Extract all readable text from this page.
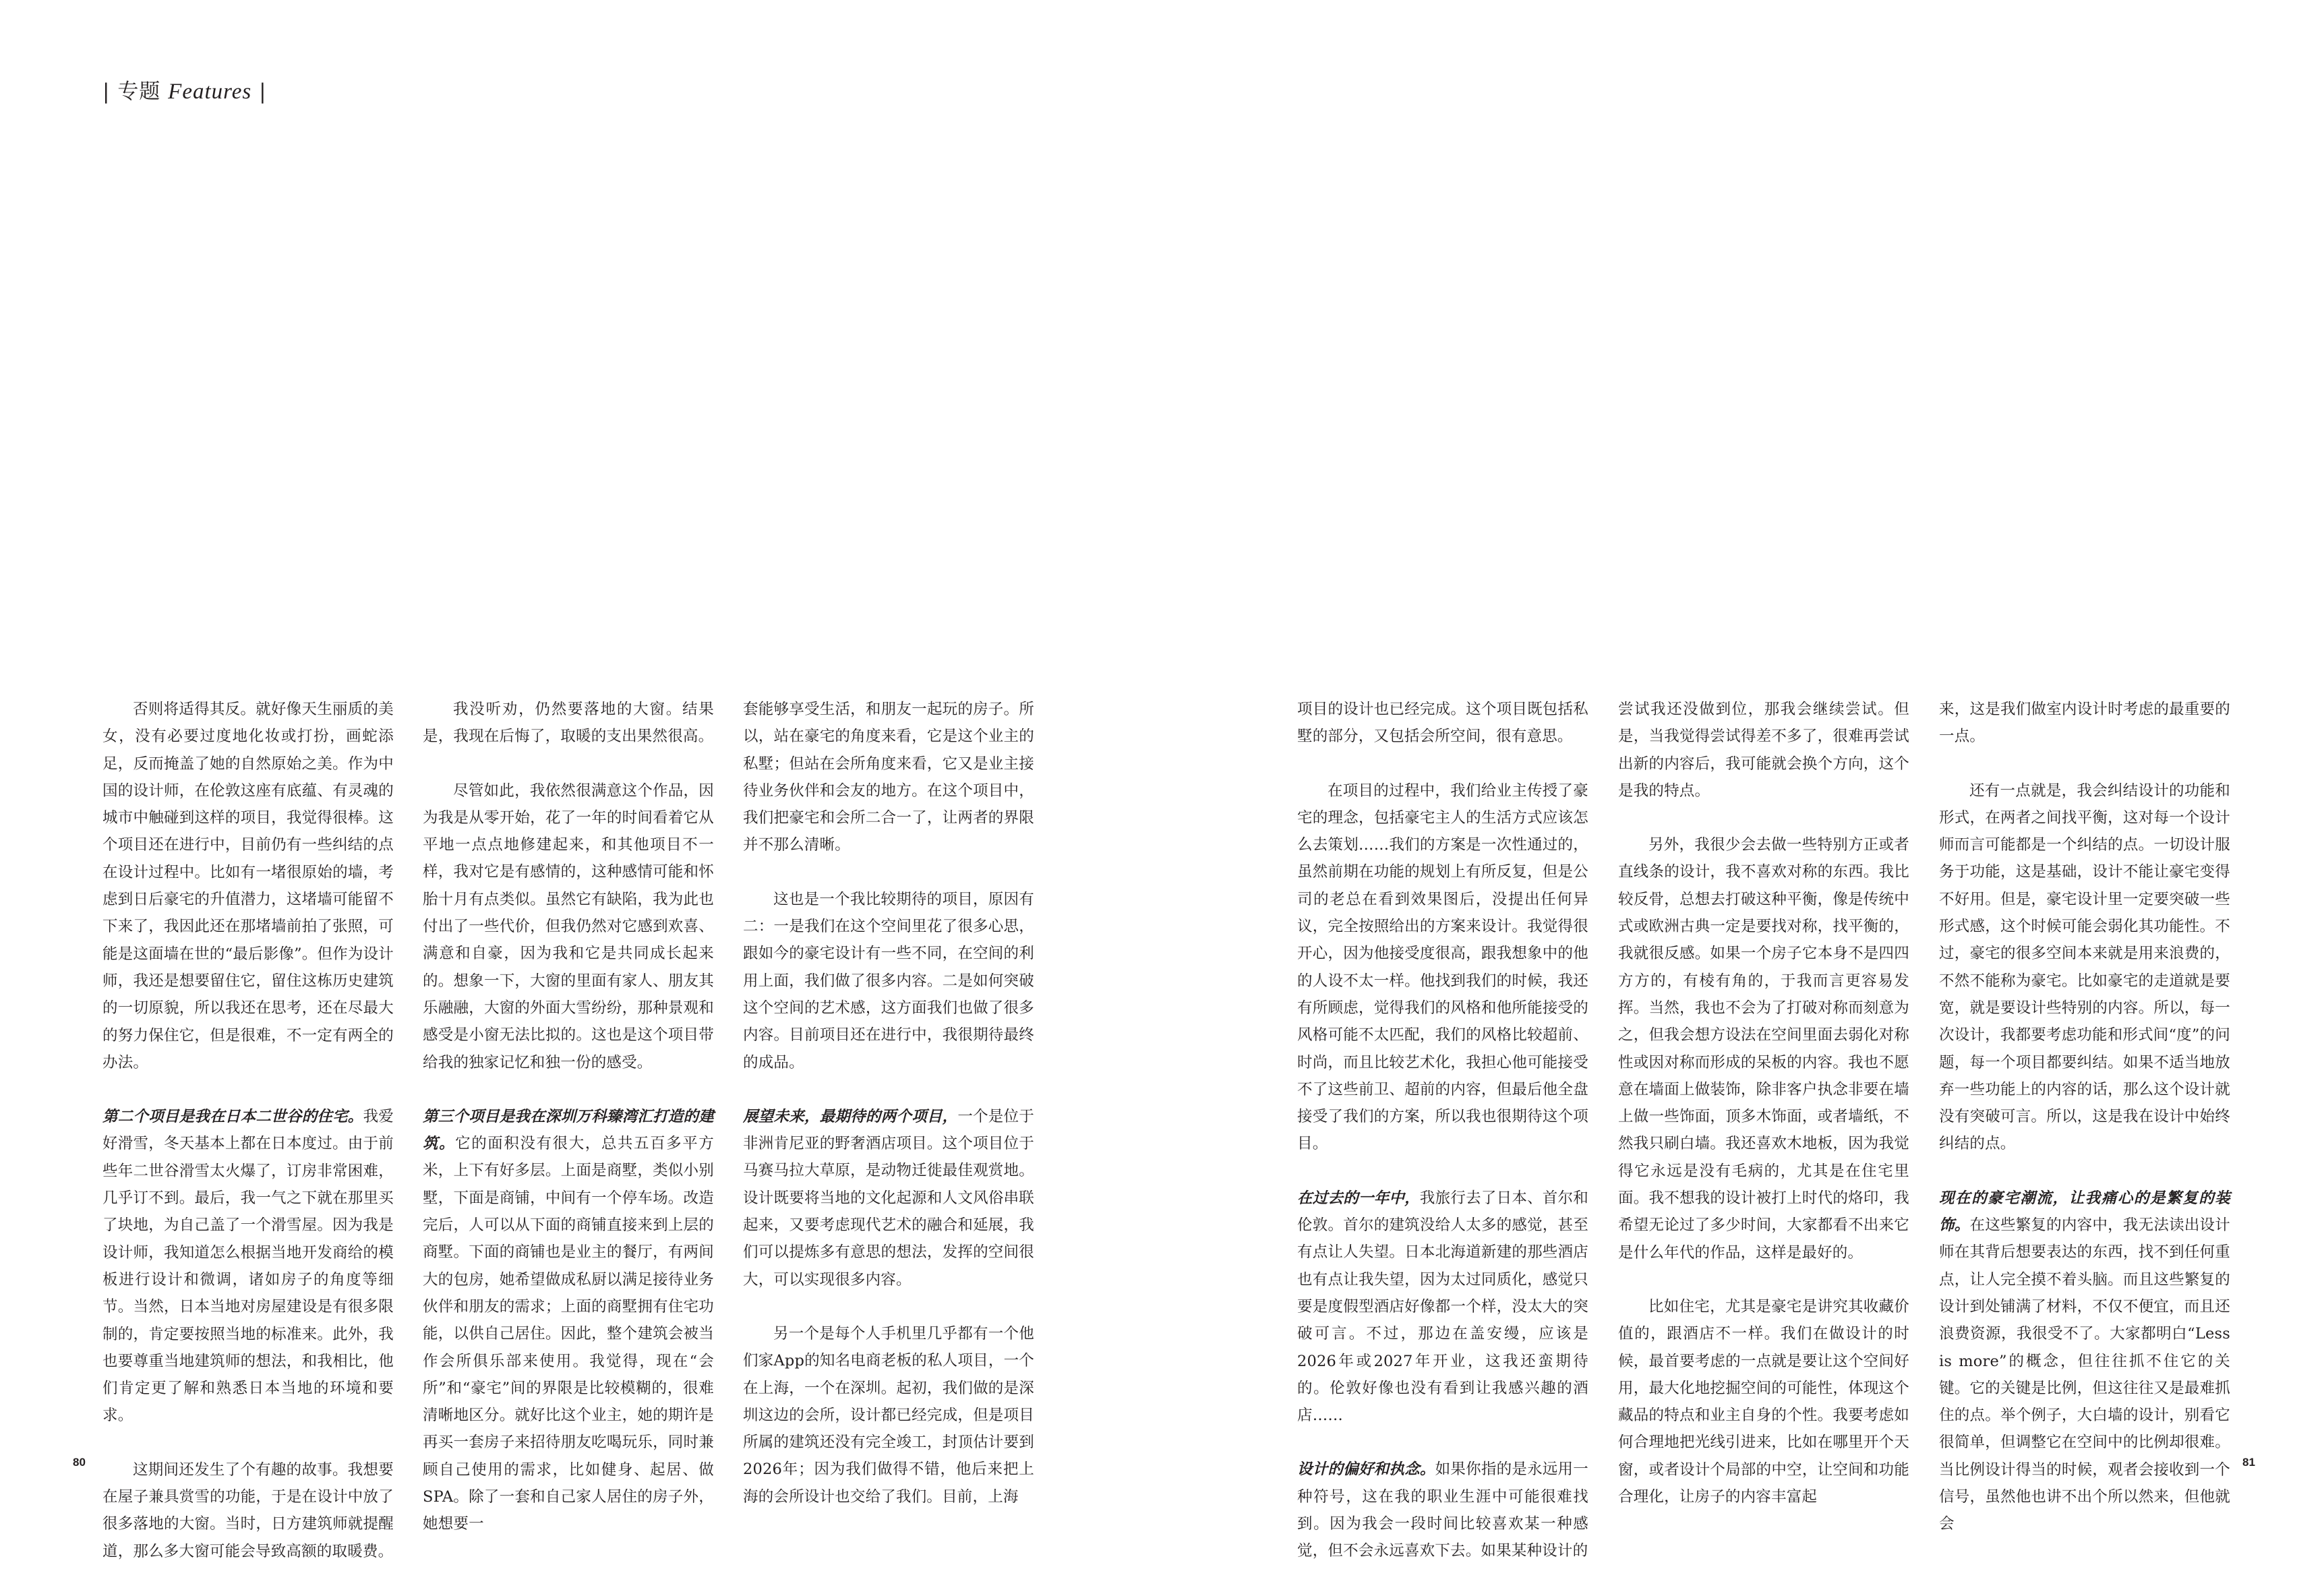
| 专题 Features |

否则将适得其反。就好像天生丽质的美女，没有必要过度地化妆或打扮，画蛇添足，反而掩盖了她的自然原始之美。作为中国的设计师，在伦敦这座有底蕴、有灵魂的城市中触碰到这样的项目，我觉得很棒。这个项目还在进行中，目前仍有一些纠结的点在设计过程中。比如有一堵很原始的墙，考虑到日后豪宅的升值潜力，这堵墙可能留不下来了，我因此还在那堵墙前拍了张照，可能是这面墙在世的“最后影像”。但作为设计师，我还是想要留住它，留住这栋历史建筑的一切原貌，所以我还在思考，还在尽最大的努力保住它，但是很难，不一定有两全的办法。

第二个项目是我在日本二世谷的住宅。我爱好滑雪，冬天基本上都在日本度过。由于前些年二世谷滑雪太火爆了，订房非常困难，几乎订不到。最后，我一气之下就在那里买了块地，为自己盖了一个滑雪屋。因为我是设计师，我知道怎么根据当地开发商给的模板进行设计和微调，诸如房子的角度等细节。当然，日本当地对房屋建设是有很多限制的，肯定要按照当地的标准来。此外，我也要尊重当地建筑师的想法，和我相比，他们肯定更了解和熟悉日本当地的环境和要求。

这期间还发生了个有趣的故事。我想要在屋子兼具赏雪的功能，于是在设计中放了很多落地的大窗。当时，日方建筑师就提醒道，那么多大窗可能会导致高额的取暖费。

我没听劝，仍然要落地的大窗。结果是，我现在后悔了，取暖的支出果然很高。

尽管如此，我依然很满意这个作品，因为我是从零开始，花了一年的时间看着它从平地一点点地修建起来，和其他项目不一样，我对它是有感情的，这种感情可能和怀胎十月有点类似。虽然它有缺陷，我为此也付出了一些代价，但我仍然对它感到欢喜、满意和自豪，因为我和它是共同成长起来的。想象一下，大窗的里面有家人、朋友其乐融融，大窗的外面大雪纷纷，那种景观和感受是小窗无法比拟的。这也是这个项目带给我的独家记忆和独一份的感受。

第三个项目是我在深圳万科臻湾汇打造的建筑。它的面积没有很大，总共五百多平方米，上下有好多层。上面是商墅，类似小别墅，下面是商铺，中间有一个停车场。改造完后，人可以从下面的商铺直接来到上层的商墅。下面的商铺也是业主的餐厅，有两间大的包房，她希望做成私厨以满足接待业务伙伴和朋友的需求；上面的商墅拥有住宅功能，以供自己居住。因此，整个建筑会被当作会所俱乐部来使用。我觉得，现在“会所”和“豪宅”间的界限是比较模糊的，很难清晰地区分。就好比这个业主，她的期许是再买一套房子来招待朋友吃喝玩乐，同时兼顾自己使用的需求，比如健身、起居、做SPA。除了一套和自己家人居住的房子外，她想要一

套能够享受生活，和朋友一起玩的房子。所以，站在豪宅的角度来看，它是这个业主的私墅；但站在会所角度来看，它又是业主接待业务伙伴和会友的地方。在这个项目中，我们把豪宅和会所二合一了，让两者的界限并不那么清晰。

这也是一个我比较期待的项目，原因有二：一是我们在这个空间里花了很多心思，跟如今的豪宅设计有一些不同，在空间的利用上面，我们做了很多内容。二是如何突破这个空间的艺术感，这方面我们也做了很多内容。目前项目还在进行中，我很期待最终的成品。

展望未来，最期待的两个项目，一个是位于非洲肯尼亚的野奢酒店项目。这个项目位于马赛马拉大草原，是动物迁徙最佳观赏地。设计既要将当地的文化起源和人文风俗串联起来，又要考虑现代艺术的融合和延展，我们可以提炼多有意思的想法，发挥的空间很大，可以实现很多内容。

另一个是每个人手机里几乎都有一个他们家App的知名电商老板的私人项目，一个在上海，一个在深圳。起初，我们做的是深圳这边的会所，设计都已经完成，但是项目所属的建筑还没有完全竣工，封顶估计要到2026年；因为我们做得不错，他后来把上海的会所设计也交给了我们。目前，上海

80

项目的设计也已经完成。这个项目既包括私墅的部分，又包括会所空间，很有意思。

在项目的过程中，我们给业主传授了豪宅的理念，包括豪宅主人的生活方式应该怎么去策划……我们的方案是一次性通过的，虽然前期在功能的规划上有所反复，但是公司的老总在看到效果图后，没提出任何异议，完全按照给出的方案来设计。我觉得很开心，因为他接受度很高，跟我想象中的他的人设不太一样。他找到我们的时候，我还有所顾虑，觉得我们的风格和他所能接受的风格可能不太匹配，我们的风格比较超前、时尚，而且比较艺术化，我担心他可能接受不了这些前卫、超前的内容，但最后他全盘接受了我们的方案，所以我也很期待这个项目。

在过去的一年中，我旅行去了日本、首尔和伦敦。首尔的建筑没给人太多的感觉，甚至有点让人失望。日本北海道新建的那些酒店也有点让我失望，因为太过同质化，感觉只要是度假型酒店好像都一个样，没太大的突破可言。不过，那边在盖安缦，应该是2026年或2027年开业，这我还蛮期待的。伦敦好像也没有看到让我感兴趣的酒店……

设计的偏好和执念。如果你指的是永远用一种符号，这在我的职业生涯中可能很难找到。因为我会一段时间比较喜欢某一种感觉，但不会永远喜欢下去。如果某种设计的

尝试我还没做到位，那我会继续尝试。但是，当我觉得尝试得差不多了，很难再尝试出新的内容后，我可能就会换个方向，这个是我的特点。

另外，我很少会去做一些特别方正或者直线条的设计，我不喜欢对称的东西。我比较反骨，总想去打破这种平衡，像是传统中式或欧洲古典一定是要找对称，找平衡的，我就很反感。如果一个房子它本身不是四四方方的，有棱有角的，于我而言更容易发挥。当然，我也不会为了打破对称而刻意为之，但我会想方设法在空间里面去弱化对称性或因对称而形成的呆板的内容。我也不愿意在墙面上做装饰，除非客户执念非要在墙上做一些饰面，顶多木饰面，或者墙纸，不然我只刷白墙。我还喜欢木地板，因为我觉得它永远是没有毛病的，尤其是在住宅里面。我不想我的设计被打上时代的烙印，我希望无论过了多少时间，大家都看不出来它是什么年代的作品，这样是最好的。

比如住宅，尤其是豪宅是讲究其收藏价值的，跟酒店不一样。我们在做设计的时候，最首要考虑的一点就是要让这个空间好用，最大化地挖掘空间的可能性，体现这个藏品的特点和业主自身的个性。我要考虑如何合理地把光线引进来，比如在哪里开个天窗，或者设计个局部的中空，让空间和功能合理化，让房子的内容丰富起

来，这是我们做室内设计时考虑的最重要的一点。

还有一点就是，我会纠结设计的功能和形式，在两者之间找平衡，这对每一个设计师而言可能都是一个纠结的点。一切设计服务于功能，这是基础，设计不能让豪宅变得不好用。但是，豪宅设计里一定要突破一些形式感，这个时候可能会弱化其功能性。不过，豪宅的很多空间本来就是用来浪费的，不然不能称为豪宅。比如豪宅的走道就是要宽，就是要设计些特别的内容。所以，每一次设计，我都要考虑功能和形式间“度”的问题，每一个项目都要纠结。如果不适当地放弃一些功能上的内容的话，那么这个设计就没有突破可言。所以，这是我在设计中始终纠结的点。

现在的豪宅潮流，让我痛心的是繁复的装饰。在这些繁复的内容中，我无法读出设计师在其背后想要表达的东西，找不到任何重点，让人完全摸不着头脑。而且这些繁复的设计到处铺满了材料，不仅不便宜，而且还浪费资源，我很受不了。大家都明白“Less is more”的概念，但往往抓不住它的关键。它的关键是比例，但这往往又是最难抓住的点。举个例子，大白墙的设计，别看它很简单，但调整它在空间中的比例却很难。当比例设计得当的时候，观者会接收到一个信号，虽然他也讲不出个所以然来，但他就会

81
